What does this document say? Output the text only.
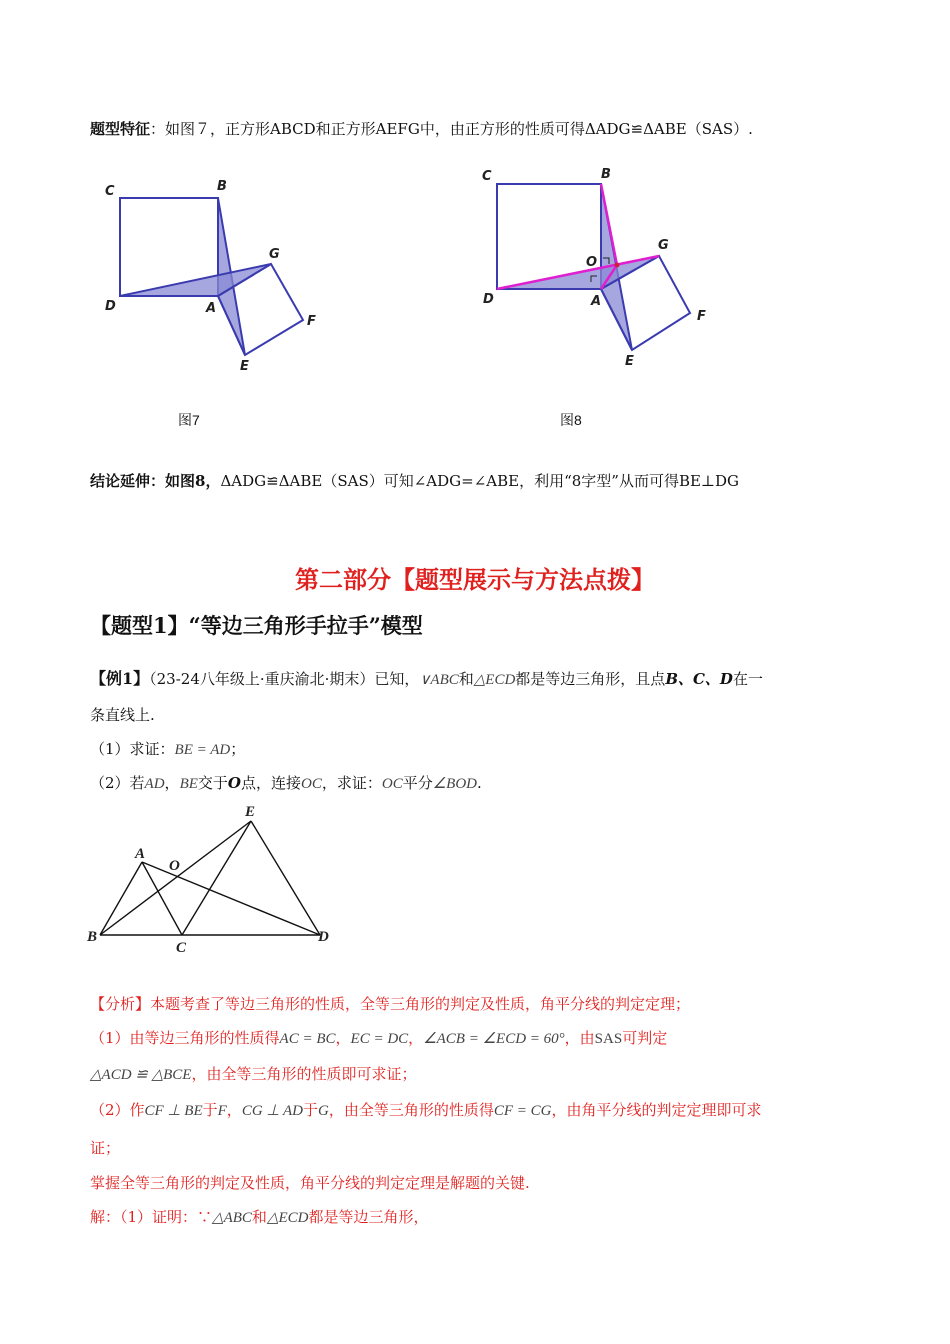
题型特征：如图７，正方形ABCD和正方形AEFG中，由正方形的性质可得ΔADG≌ΔABE（SAS）.
C	B
D	A
G
F
E
图7
C	B
O
G
D	A
F
E
图8
结论延伸：如图8，ΔADG≌ΔABE（SAS）可知∠ADG=∠ABE，利用“8字型”从而可得BE⊥DG
第二部分【题型展示与方法点拨】
【题型1】“等边三角形手拉手”模型
【例1】（23-24八年级上·重庆渝北·期末）已知，∨ABC和△ECD都是等边三角形，且点B、C、D在一
条直线上.
（1）求证：BE = AD；
（2）若AD，BE交于O点，连接OC，求证：OC平分∠BOD.
E
A
O
B
C
D
【分析】本题考查了等边三角形的性质，全等三角形的判定及性质，角平分线的判定定理；
（1）由等边三角形的性质得AC = BC，EC = DC，∠ACB = ∠ECD = 60°，由SAS可判定
△ACD ≌ △BCE，由全等三角形的性质即可求证；
（2）作CF ⊥ BE于F，CG ⊥ AD于G，由全等三角形的性质得CF = CG，由角平分线的判定定理即可求
证；
掌握全等三角形的判定及性质，角平分线的判定定理是解题的关键.
解：（1）证明：∵△ABC和△ECD都是等边三角形，
